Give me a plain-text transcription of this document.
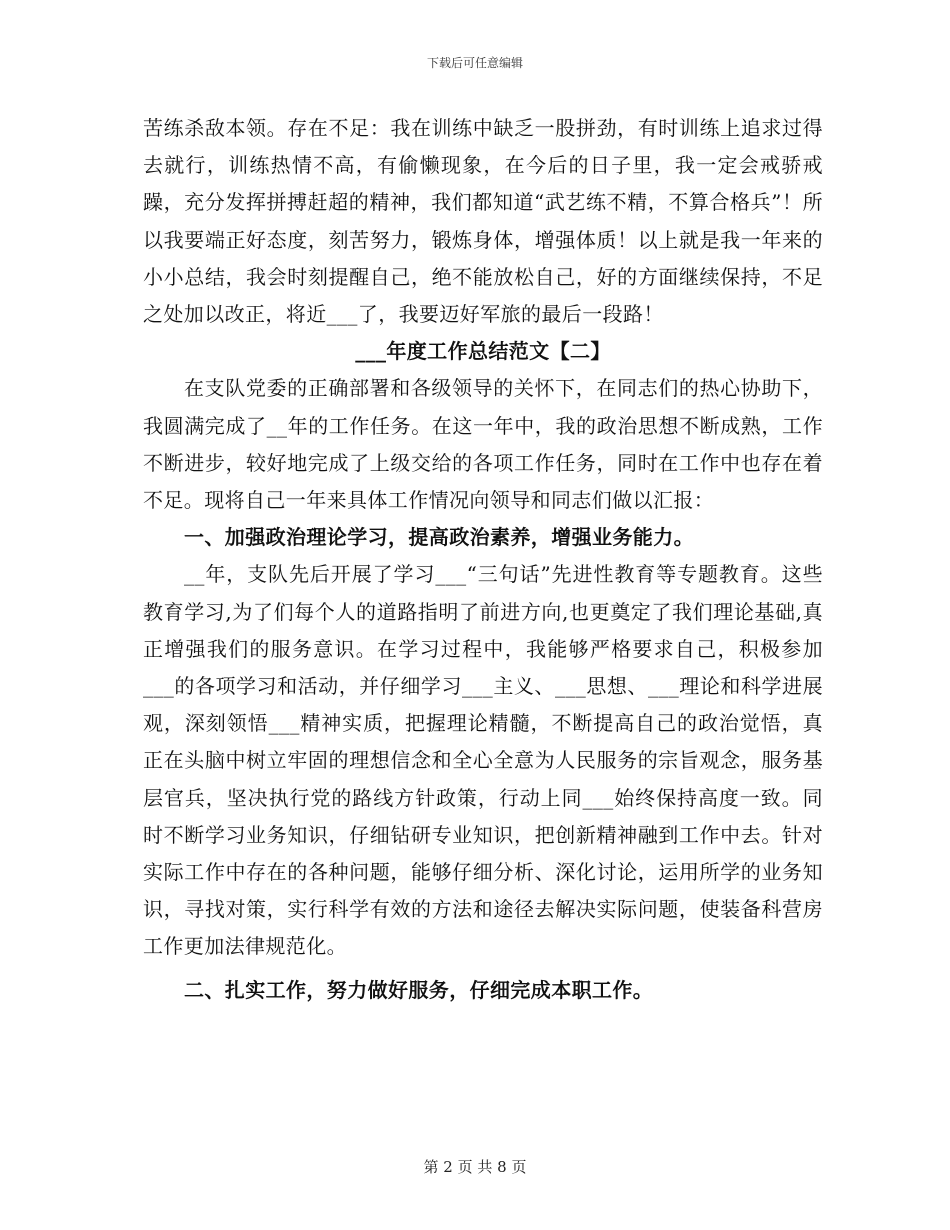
下载后可任意编辑

苦练杀敌本领。存在不足：我在训练中缺乏一股拼劲，有时训练上追求过得去就行，训练热情不高，有偷懒现象，在今后的日子里，我一定会戒骄戒躁，充分发挥拼搏赶超的精神，我们都知道“武艺练不精，不算合格兵”！所以我要端正好态度，刻苦努力，锻炼身体，增强体质！以上就是我一年来的小小总结，我会时刻提醒自己，绝不能放松自己，好的方面继续保持，不足之处加以改正，将近___了，我要迈好军旅的最后一段路！

___年度工作总结范文【二】

在支队党委的正确部署和各级领导的关怀下，在同志们的热心协助下，我圆满完成了__年的工作任务。在这一年中，我的政治思想不断成熟，工作不断进步，较好地完成了上级交给的各项工作任务，同时在工作中也存在着不足。现将自己一年来具体工作情况向领导和同志们做以汇报：

一、加强政治理论学习，提高政治素养，增强业务能力。

__年，支队先后开展了学习___“三句话”先进性教育等专题教育。这些教育学习,为了们每个人的道路指明了前进方向,也更奠定了我们理论基础,真正增强我们的服务意识。在学习过程中，我能够严格要求自己，积极参加___的各项学习和活动，并仔细学习___主义、___思想、___理论和科学进展观，深刻领悟___精神实质，把握理论精髓，不断提高自己的政治觉悟，真正在头脑中树立牢固的理想信念和全心全意为人民服务的宗旨观念，服务基层官兵，坚决执行党的路线方针政策，行动上同___始终保持高度一致。同时不断学习业务知识，仔细钻研专业知识，把创新精神融到工作中去。针对实际工作中存在的各种问题，能够仔细分析、深化讨论，运用所学的业务知识，寻找对策，实行科学有效的方法和途径去解决实际问题，使装备科营房工作更加法律规范化。

二、扎实工作，努力做好服务，仔细完成本职工作。

第 2 页 共 8 页
